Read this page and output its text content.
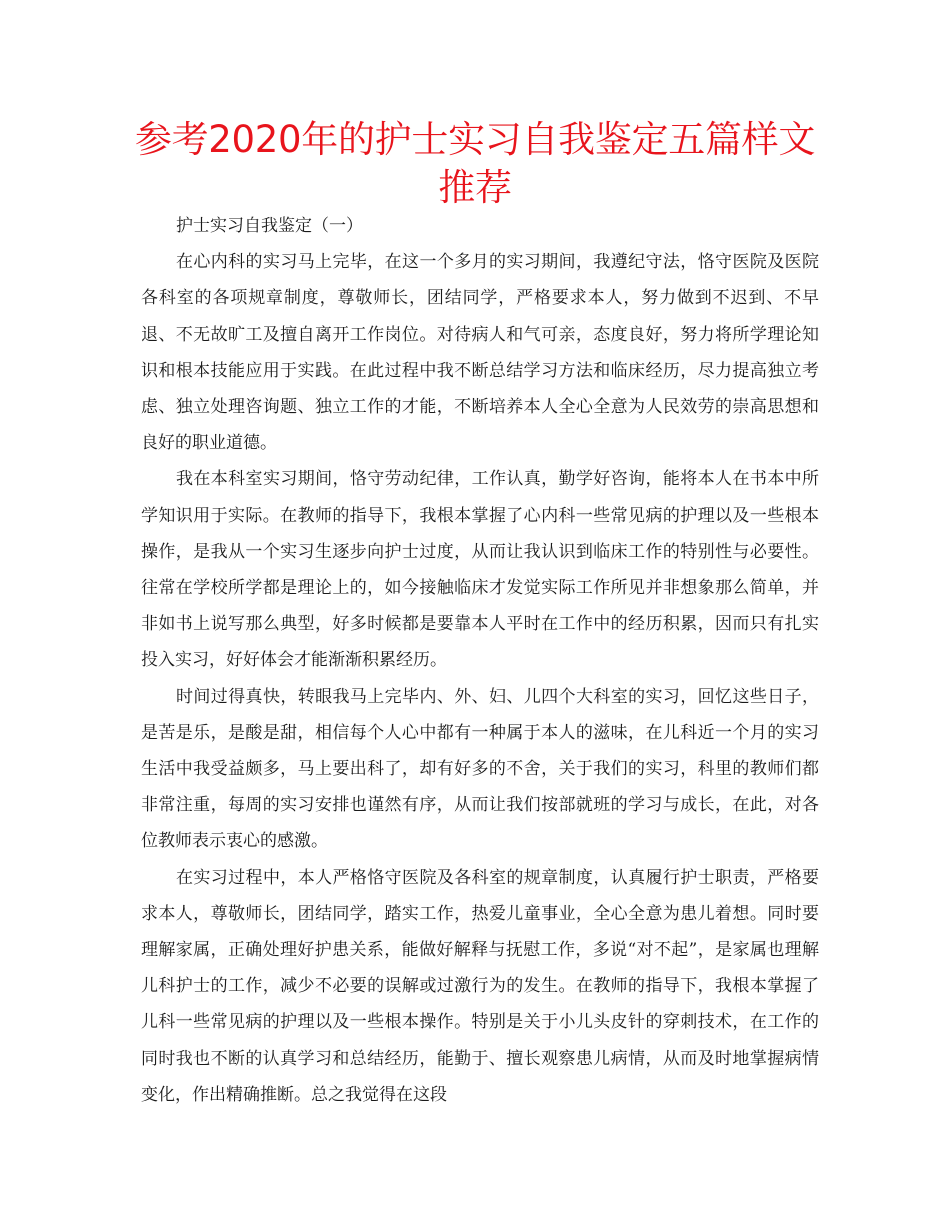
参考2020年的护士实习自我鉴定五篇样文推荐

护士实习自我鉴定（一）

在心内科的实习马上完毕，在这一个多月的实习期间，我遵纪守法，恪守医院及医院各科室的各项规章制度，尊敬师长，团结同学，严格要求本人，努力做到不迟到、不早退、不无故旷工及擅自离开工作岗位。对待病人和气可亲，态度良好，努力将所学理论知识和根本技能应用于实践。在此过程中我不断总结学习方法和临床经历，尽力提高独立考虑、独立处理咨询题、独立工作的才能，不断培养本人全心全意为人民效劳的崇高思想和良好的职业道德。

我在本科室实习期间，恪守劳动纪律，工作认真，勤学好咨询，能将本人在书本中所学知识用于实际。在教师的指导下，我根本掌握了心内科一些常见病的护理以及一些根本操作，是我从一个实习生逐步向护士过度，从而让我认识到临床工作的特别性与必要性。往常在学校所学都是理论上的，如今接触临床才发觉实际工作所见并非想象那么简单，并非如书上说写那么典型，好多时候都是要靠本人平时在工作中的经历积累，因而只有扎实投入实习，好好体会才能渐渐积累经历。

时间过得真快，转眼我马上完毕内、外、妇、儿四个大科室的实习，回忆这些日子，是苦是乐，是酸是甜，相信每个人心中都有一种属于本人的滋味，在儿科近一个月的实习生活中我受益颇多，马上要出科了，却有好多的不舍，关于我们的实习，科里的教师们都非常注重，每周的实习安排也谨然有序，从而让我们按部就班的学习与成长，在此，对各位教师表示衷心的感激。

在实习过程中，本人严格恪守医院及各科室的规章制度，认真履行护士职责，严格要求本人，尊敬师长，团结同学，踏实工作，热爱儿童事业，全心全意为患儿着想。同时要理解家属，正确处理好护患关系，能做好解释与抚慰工作，多说“对不起”，是家属也理解儿科护士的工作，减少不必要的误解或过激行为的发生。在教师的指导下，我根本掌握了儿科一些常见病的护理以及一些根本操作。特别是关于小儿头皮针的穿刺技术，在工作的同时我也不断的认真学习和总结经历，能勤于、擅长观察患儿病情，从而及时地掌握病情变化，作出精确推断。总之我觉得在这段
